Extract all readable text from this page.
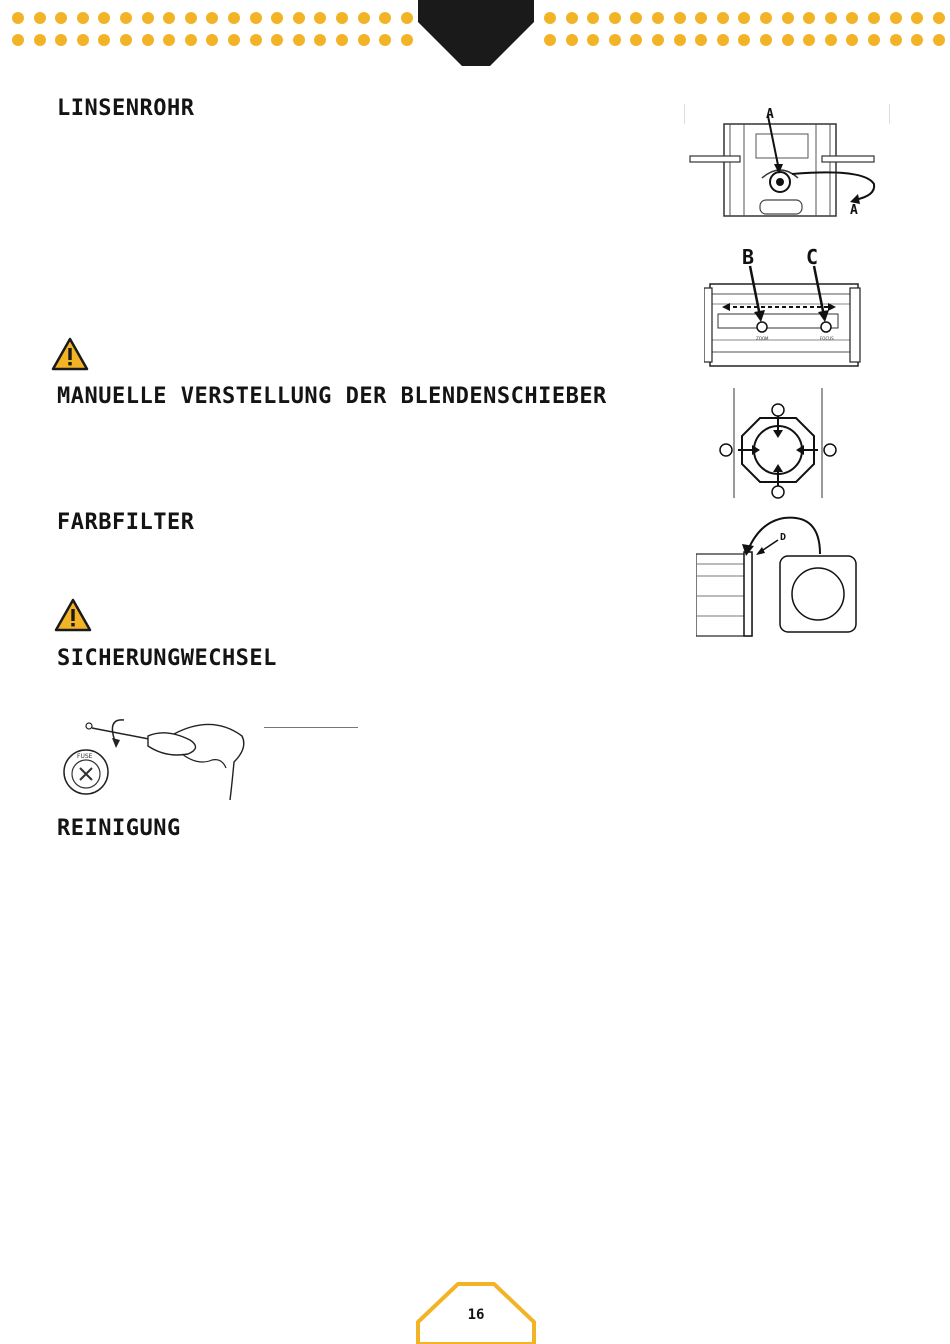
LINSENROHR
MANUELLE VERSTELLUNG DER BLENDENSCHIEBER
FARBFILTER
SICHERUNGWECHSEL
REINIGUNG
A
A
ZOOM	FOCUS
B	C
D
FUSE
16
